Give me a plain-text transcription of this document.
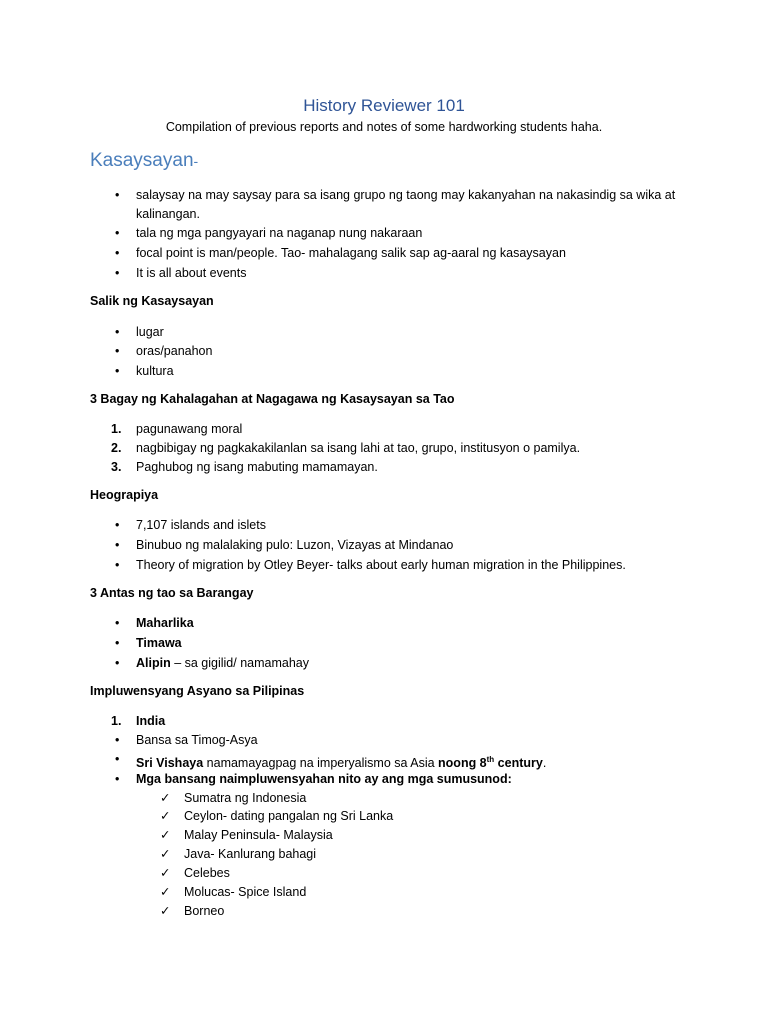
History Reviewer 101
Compilation of previous reports and notes of some hardworking students haha.
Kasaysayan-
•	salaysay na may saysay para sa isang grupo ng taong may kakanyahan na nakasindig sa wika at
kalinangan.
•	tala ng mga pangyayari na naganap nung nakaraan
•	focal point is man/people. Tao- mahalagang salik sap ag-aaral ng kasaysayan
•	It is all about events
Salik ng Kasaysayan
•	lugar
•	oras/panahon
•	kultura
3 Bagay ng Kahalagahan at Nagagawa ng Kasaysayan sa Tao
1. pagunawang moral
2. nagbibigay ng pagkakakilanlan sa isang lahi at tao, grupo, institusyon o pamilya.
3. Paghubog ng isang mabuting mamamayan.
Heograpiya
•	7,107 islands and islets
•	Binubuo ng malalaking pulo: Luzon, Vizayas at Mindanao
•	Theory of migration by Otley Beyer- talks about early human migration in the Philippines.
3 Antas ng tao sa Barangay
•	Maharlika
•	Timawa
•	Alipin – sa gigilid/ namamahay
Impluwensyang Asyano sa Pilipinas
1. India
•	Bansa sa Timog-Asya
•	Sri Vishaya namamayagpag na imperyalismo sa Asia noong 8th century.
•	Mga bansang naimpluwensyahan nito ay ang mga sumusunod:
✓ Sumatra ng Indonesia
✓ Ceylon- dating pangalan ng Sri Lanka
✓ Malay Peninsula- Malaysia
✓ Java- Kanlurang bahagi
✓ Celebes
✓ Molucas- Spice Island
✓ Borneo
